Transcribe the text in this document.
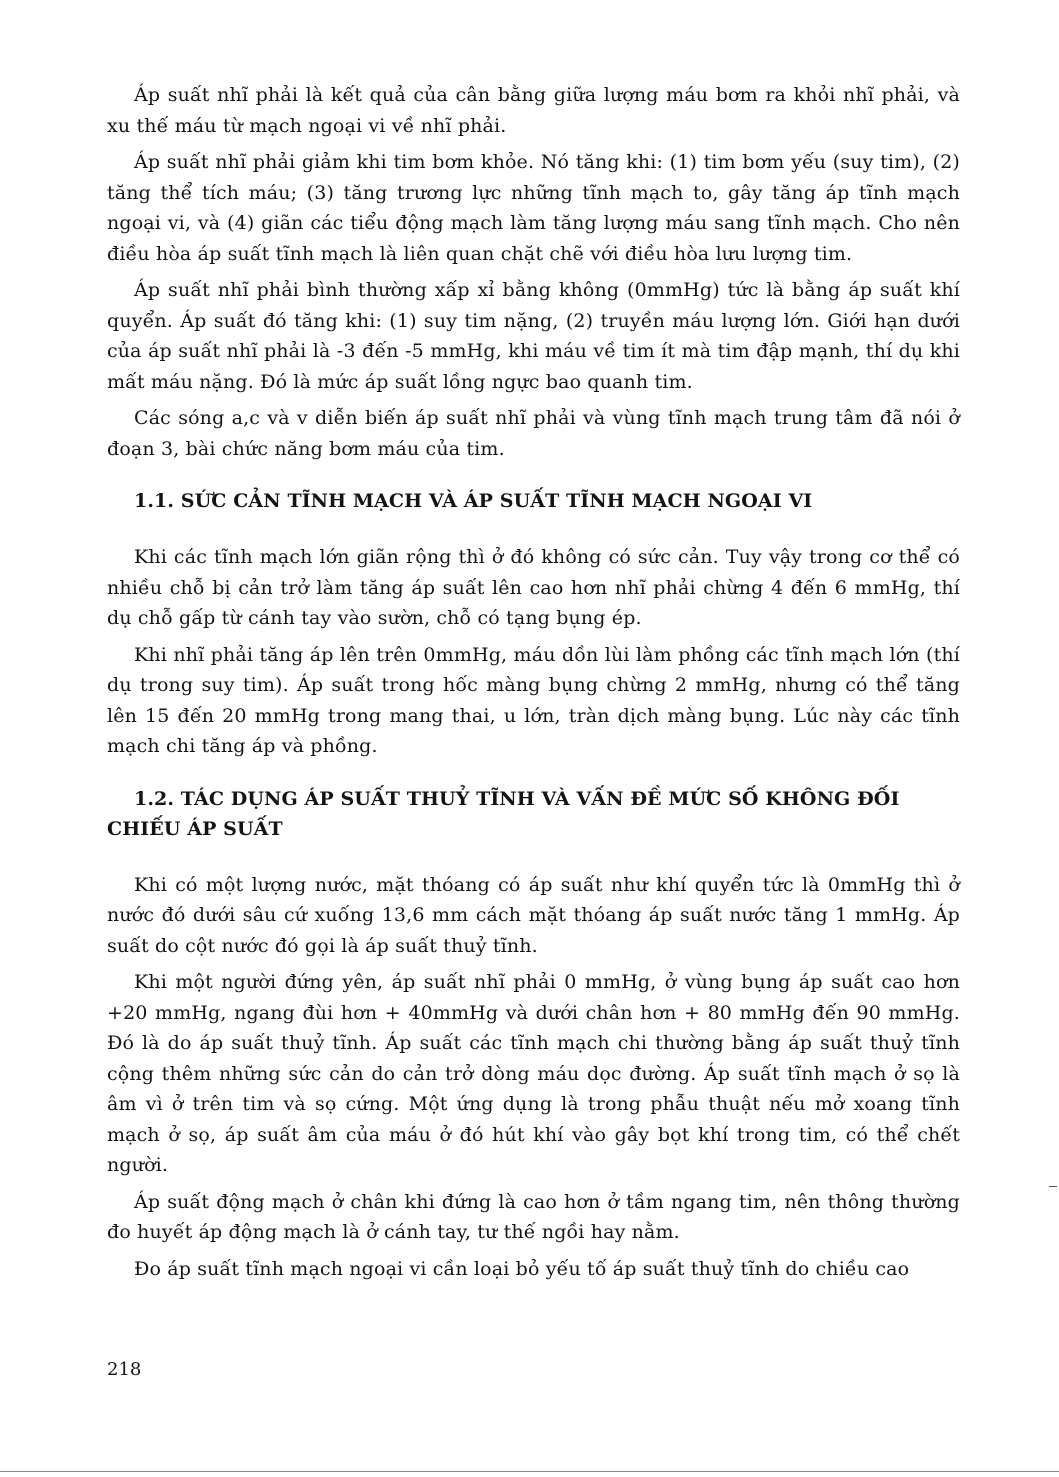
Áp suất nhĩ phải là kết quả của cân bằng giữa lượng máu bơm ra khỏi nhĩ phải, và xu thế máu từ mạch ngoại vi về nhĩ phải.

Áp suất nhĩ phải giảm khi tim bơm khỏe. Nó tăng khi: (1) tim bơm yếu (suy tim), (2) tăng thể tích máu; (3) tăng trương lực những tĩnh mạch to, gây tăng áp tĩnh mạch ngoại vi, và (4) giãn các tiểu động mạch làm tăng lượng máu sang tĩnh mạch. Cho nên điều hòa áp suất tĩnh mạch là liên quan chặt chẽ với điều hòa lưu lượng tim.

Áp suất nhĩ phải bình thường xấp xỉ bằng không (0mmHg) tức là bằng áp suất khí quyển. Áp suất đó tăng khi: (1) suy tim nặng, (2) truyền máu lượng lớn. Giới hạn dưới của áp suất nhĩ phải là -3 đến -5 mmHg, khi máu về tim ít mà tim đập mạnh, thí dụ khi mất máu nặng. Đó là mức áp suất lồng ngực bao quanh tim.

Các sóng a,c và v diễn biến áp suất nhĩ phải và vùng tĩnh mạch trung tâm đã nói ở đoạn 3, bài chức năng bơm máu của tim.

1.1. SỨC CẢN TĨNH MẠCH VÀ ÁP SUẤT TĨNH MẠCH NGOẠI VI

Khi các tĩnh mạch lớn giãn rộng thì ở đó không có sức cản. Tuy vậy trong cơ thể có nhiều chỗ bị cản trở làm tăng áp suất lên cao hơn nhĩ phải chừng 4 đến 6 mmHg, thí dụ chỗ gấp từ cánh tay vào sườn, chỗ có tạng bụng ép.

Khi nhĩ phải tăng áp lên trên 0mmHg, máu dồn lùi làm phồng các tĩnh mạch lớn (thí dụ trong suy tim). Áp suất trong hốc màng bụng chừng 2 mmHg, nhưng có thể tăng lên 15 đến 20 mmHg trong mang thai, u lớn, tràn dịch màng bụng. Lúc này các tĩnh mạch chi tăng áp và phồng.

1.2. TÁC DỤNG ÁP SUẤT THUỶ TĨNH VÀ VẤN ĐỀ MỨC SỐ KHÔNG ĐỐI CHIẾU ÁP SUẤT

Khi có một lượng nước, mặt thóang có áp suất như khí quyển tức là 0mmHg thì ở nước đó dưới sâu cứ xuống 13,6 mm cách mặt thóang áp suất nước tăng 1 mmHg. Áp suất do cột nước đó gọi là áp suất thuỷ tĩnh.

Khi một người đứng yên, áp suất nhĩ phải 0 mmHg, ở vùng bụng áp suất cao hơn +20 mmHg, ngang đùi hơn + 40mmHg và dưới chân hơn + 80 mmHg đến 90 mmHg. Đó là do áp suất thuỷ tĩnh. Áp suất các tĩnh mạch chi thường bằng áp suất thuỷ tĩnh cộng thêm những sức cản do cản trở dòng máu dọc đường. Áp suất tĩnh mạch ở sọ là âm vì ở trên tim và sọ cứng. Một ứng dụng là trong phẫu thuật nếu mở xoang tĩnh mạch ở sọ, áp suất âm của máu ở đó hút khí vào gây bọt khí trong tim, có thể chết người.

Áp suất động mạch ở chân khi đứng là cao hơn ở tầm ngang tim, nên thông thường đo huyết áp động mạch là ở cánh tay, tư thế ngồi hay nằm.

Đo áp suất tĩnh mạch ngoại vi cần loại bỏ yếu tố áp suất thuỷ tĩnh do chiều cao

218
